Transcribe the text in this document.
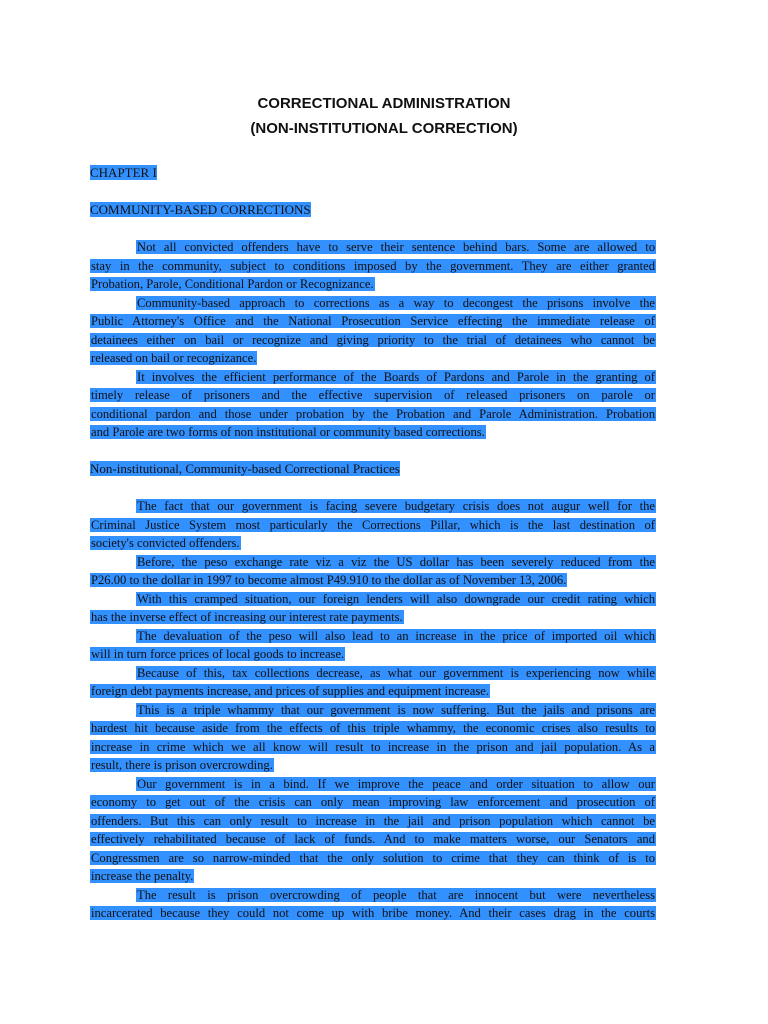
CORRECTIONAL ADMINISTRATION
(NON-INSTITUTIONAL CORRECTION)
CHAPTER I
COMMUNITY-BASED CORRECTIONS
Not all convicted offenders have to serve their sentence behind bars. Some are allowed to
stay in the community, subject to conditions imposed by the government. They are either granted
Probation, Parole, Conditional Pardon or Recognizance.
Community-based approach to corrections as a way to decongest the prisons involve the
Public Attorney's Office and the National Prosecution Service effecting the immediate release of
detainees either on bail or recognize and giving priority to the trial of detainees who cannot be
released on bail or recognizance.
It involves the efficient performance of the Boards of Pardons and Parole in the granting of
timely release of prisoners and the effective supervision of released prisoners on parole or
conditional pardon and those under probation by the Probation and Parole Administration. Probation
and Parole are two forms of non institutional or community based corrections.
Non-institutional, Community-based Correctional Practices
The fact that our government is facing severe budgetary crisis does not augur well for the
Criminal Justice System most particularly the Corrections Pillar, which is the last destination of
society's convicted offenders.
Before, the peso exchange rate viz a viz the US dollar has been severely reduced from the
P26.00 to the dollar in 1997 to become almost P49.910 to the dollar as of November 13, 2006.
With this cramped situation, our foreign lenders will also downgrade our credit rating which
has the inverse effect of increasing our interest rate payments.
The devaluation of the peso will also lead to an increase in the price of imported oil which
will in turn force prices of local goods to increase.
Because of this, tax collections decrease, as what our government is experiencing now while
foreign debt payments increase, and prices of supplies and equipment increase.
This is a triple whammy that our government is now suffering. But the jails and prisons are
hardest hit because aside from the effects of this triple whammy, the economic crises also results to
increase in crime which we all know will result to increase in the prison and jail population. As a
result, there is prison overcrowding.
Our government is in a bind. If we improve the peace and order situation to allow our
economy to get out of the crisis can only mean improving law enforcement and prosecution of
offenders. But this can only result to increase in the jail and prison population which cannot be
effectively rehabilitated because of lack of funds. And to make matters worse, our Senators and
Congressmen are so narrow-minded that the only solution to crime that they can think of is to
increase the penalty.
The result is prison overcrowding of people that are innocent but were nevertheless
incarcerated because they could not come up with bribe money. And their cases drag in the courts
